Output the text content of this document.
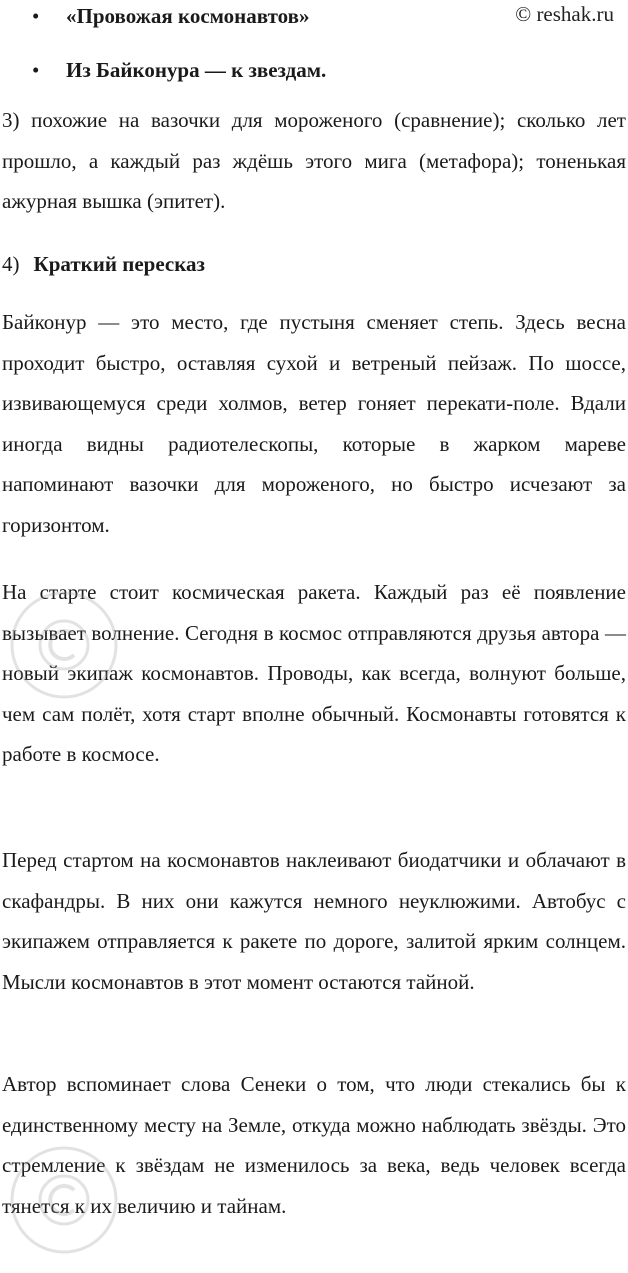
© reshak.ru
• «Провожая космонавтов»
• Из Байконура — к звездам.

3) похожие на вазочки для мороженого (сравнение); сколько лет прошло, а каждый раз ждёшь этого мига (метафора); тоненькая ажурная вышка (эпитет).

4) Краткий пересказ

Байконур — это место, где пустыня сменяет степь. Здесь весна проходит быстро, оставляя сухой и ветреный пейзаж. По шоссе, извивающемуся среди холмов, ветер гоняет перекати-поле. Вдали иногда видны радиотелескопы, которые в жарком мареве напоминают вазочки для мороженого, но быстро исчезают за горизонтом.

На старте стоит космическая ракета. Каждый раз её появление вызывает волнение. Сегодня в космос отправляются друзья автора — новый экипаж космонавтов. Проводы, как всегда, волнуют больше, чем сам полёт, хотя старт вполне обычный. Космонавты готовятся к работе в космосе.

Перед стартом на космонавтов наклеивают биодатчики и облачают в скафандры. В них они кажутся немного неуклюжими. Автобус с экипажем отправляется к ракете по дороге, залитой ярким солнцем. Мысли космонавтов в этот момент остаются тайной.

Автор вспоминает слова Сенеки о том, что люди стекались бы к единственному месту на Земле, откуда можно наблюдать звёзды. Это стремление к звёздам не изменилось за века, ведь человек всегда тянется к их величию и тайнам.
